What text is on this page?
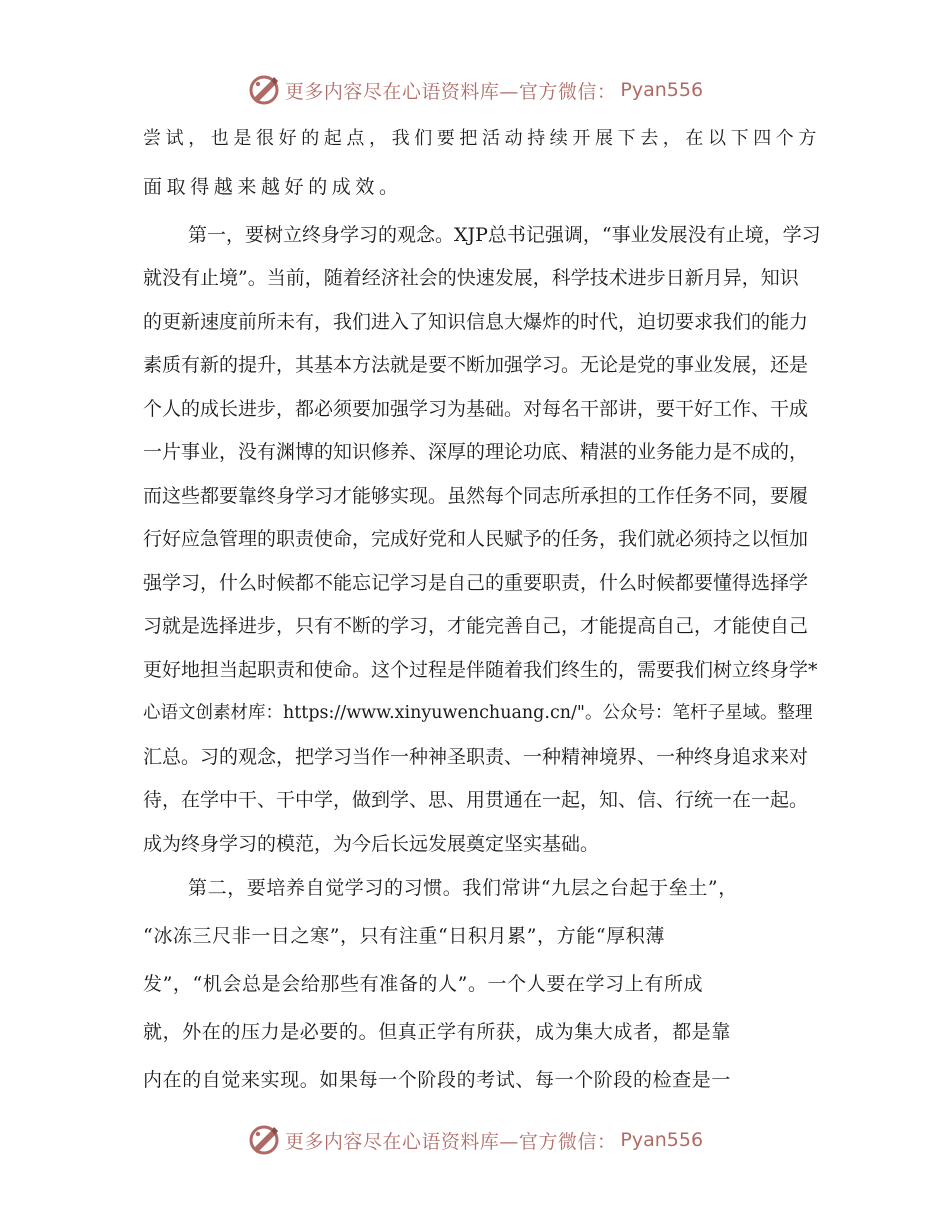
更多内容尽在心语资料库—官方微信： Pyan556
尝试，也是很好的起点，我们要把活动持续开展下去，在以下四个方
面取得越来越好的成效。
第一，要树立终身学习的观念。XJP总书记强调，“事业发展没有止境，学习
就没有止境”。当前，随着经济社会的快速发展，科学技术进步日新月异，知识
的更新速度前所未有，我们进入了知识信息大爆炸的时代，迫切要求我们的能力
素质有新的提升，其基本方法就是要不断加强学习。无论是党的事业发展，还是
个人的成长进步，都必须要加强学习为基础。对每名干部讲，要干好工作、干成
一片事业，没有渊博的知识修养、深厚的理论功底、精湛的业务能力是不成的，
而这些都要靠终身学习才能够实现。虽然每个同志所承担的工作任务不同，要履
行好应急管理的职责使命，完成好党和人民赋予的任务，我们就必须持之以恒加
强学习，什么时候都不能忘记学习是自己的重要职责，什么时候都要懂得选择学
习就是选择进步，只有不断的学习，才能完善自己，才能提高自己，才能使自己
更好地担当起职责和使命。这个过程是伴随着我们终生的，需要我们树立终身学*
心语文创素材库：https://www.xinyuwenchuang.cn/"。公众号：笔杆子星域。整理
汇总。习的观念，把学习当作一种神圣职责、一种精神境界、一种终身追求来对
待，在学中干、干中学，做到学、思、用贯通在一起，知、信、行统一在一起。
成为终身学习的模范，为今后长远发展奠定坚实基础。
第二，要培养自觉学习的习惯。我们常讲“九层之台起于垒土”，
“冰冻三尺非一日之寒”，只有注重“日积月累”，方能“厚积薄
发”，“机会总是会给那些有准备的人”。一个人要在学习上有所成
就，外在的压力是必要的。但真正学有所获，成为集大成者，都是靠
内在的自觉来实现。如果每一个阶段的考试、每一个阶段的检查是一
更多内容尽在心语资料库—官方微信： Pyan556
